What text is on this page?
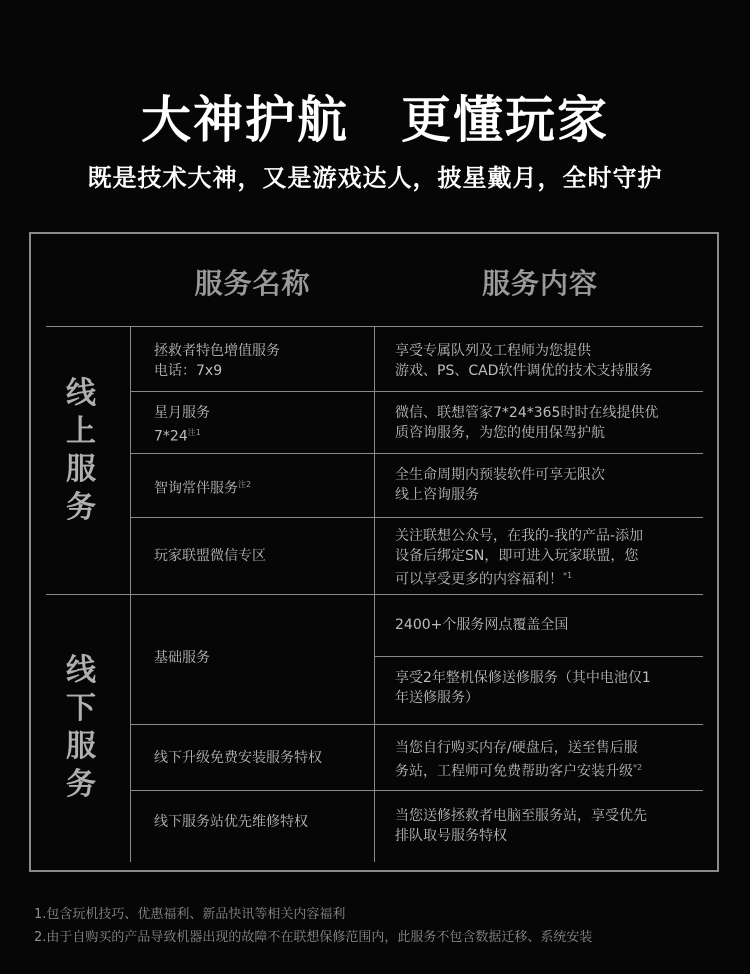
大神护航　更懂玩家
既是技术大神，又是游戏达人，披星戴月，全时守护
服务名称	服务内容
线
上
服
务
拯救者特色增值服务
电话：7x9
享受专属队列及工程师为您提供
游戏、PS、CAD软件调优的技术支持服务
星月服务
7*24$^{注1}$
微信、联想管家7*24*365时时在线提供优
质咨询服务，为您的使用保驾护航
智询常伴服务$^{注2}$
全生命周期内预装软件可享无限次
线上咨询服务
玩家联盟微信专区
关注联想公众号，在我的-我的产品-添加
设备后绑定SN，即可进入玩家联盟，您
可以享受更多的内容福利！$^{*1}$
线
下
服
务
基础服务
2400+个服务网点覆盖全国
享受2年整机保修送修服务（其中电池仅1
年送修服务）
线下升级免费安装服务特权
当您自行购买内存/硬盘后，送至售后服
务站，工程师可免费帮助客户安装升级$^{*2}$
线下服务站优先维修特权	当您送修拯救者电脑至服务站，享受优先
排队取号服务特权
1.包含玩机技巧、优惠福利、新品快讯等相关内容福利
2.由于自购买的产品导致机器出现的故障不在联想保修范围内，此服务不包含数据迁移、系统安装
